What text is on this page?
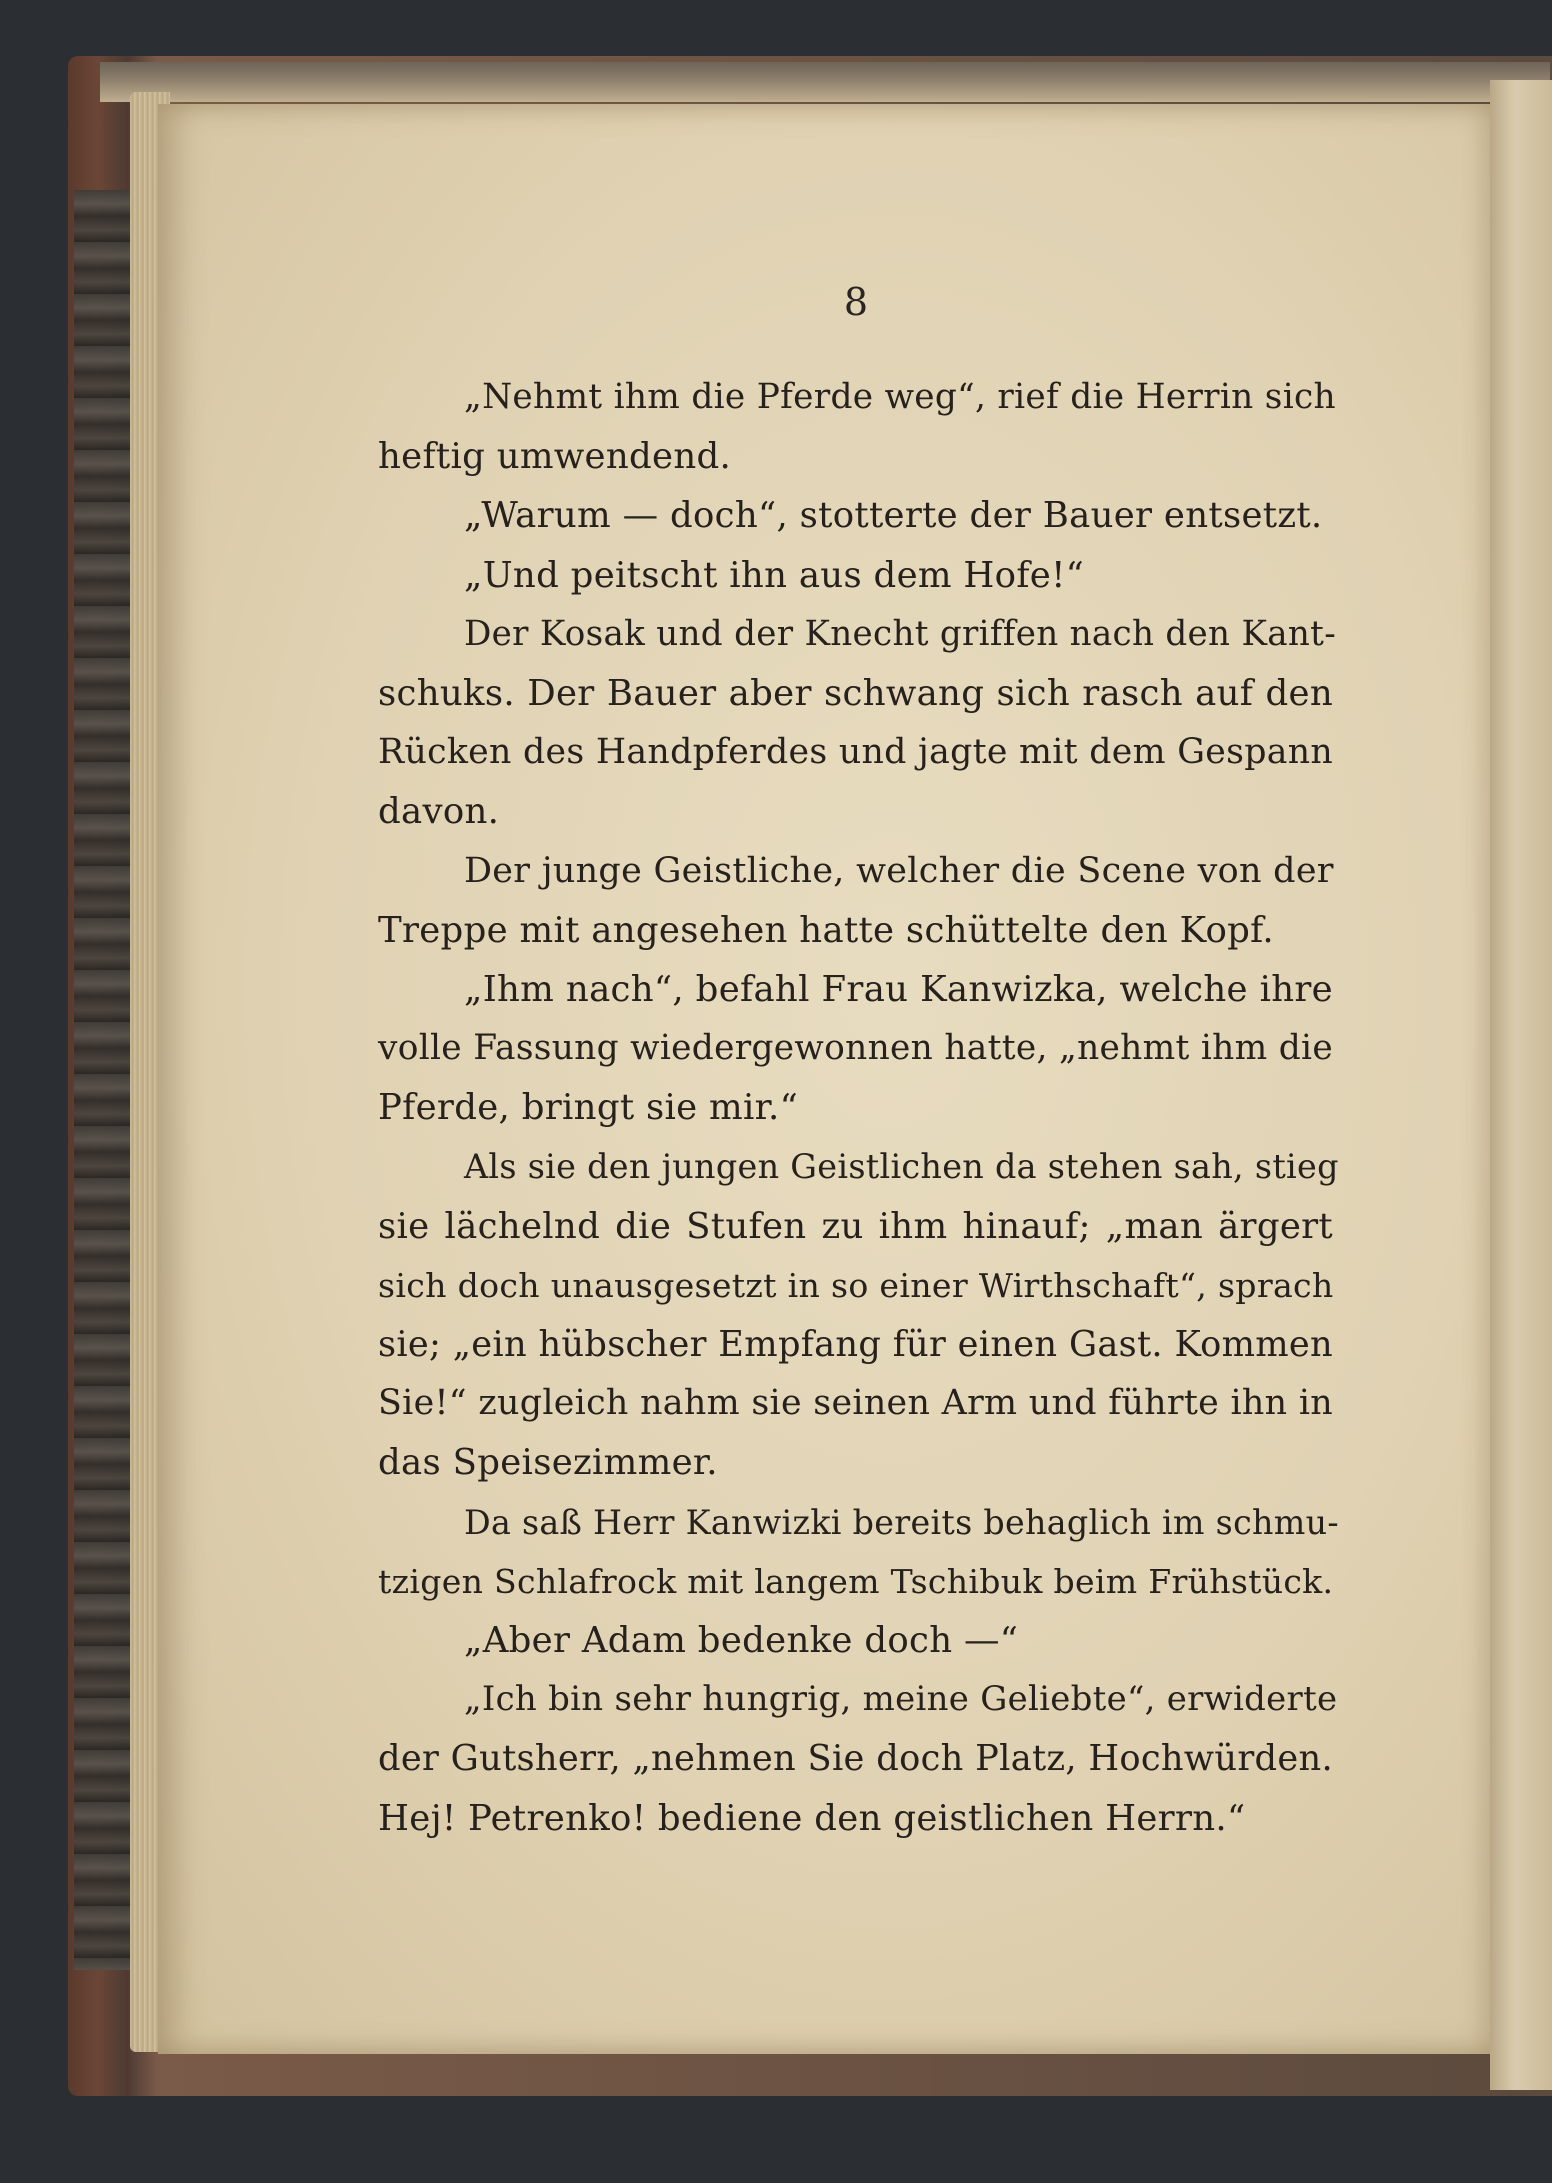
8
„Nehmt ihm die Pferde weg“, rief die Herrin sich
heftig umwendend.
„Warum — doch“, stotterte der Bauer entsetzt.
„Und peitscht ihn aus dem Hofe!“
Der Kosak und der Knecht griffen nach den Kant-
schuks. Der Bauer aber schwang sich rasch auf den
Rücken des Handpferdes und jagte mit dem Gespann
davon.
Der junge Geistliche, welcher die Scene von der
Treppe mit angesehen hatte schüttelte den Kopf.
„Ihm nach“, befahl Frau Kanwizka, welche ihre
volle Fassung wiedergewonnen hatte, „nehmt ihm die
Pferde, bringt sie mir.“
Als sie den jungen Geistlichen da stehen sah, stieg
sie lächelnd die Stufen zu ihm hinauf; „man ärgert
sich doch unausgesetzt in so einer Wirthschaft“, sprach
sie; „ein hübscher Empfang für einen Gast. Kommen
Sie!“ zugleich nahm sie seinen Arm und führte ihn in
das Speisezimmer.
Da saß Herr Kanwizki bereits behaglich im schmu-
tzigen Schlafrock mit langem Tschibuk beim Frühstück.
„Aber Adam bedenke doch —“
„Ich bin sehr hungrig, meine Geliebte“, erwiderte
der Gutsherr, „nehmen Sie doch Platz, Hochwürden.
Hej! Petrenko! bediene den geistlichen Herrn.“
